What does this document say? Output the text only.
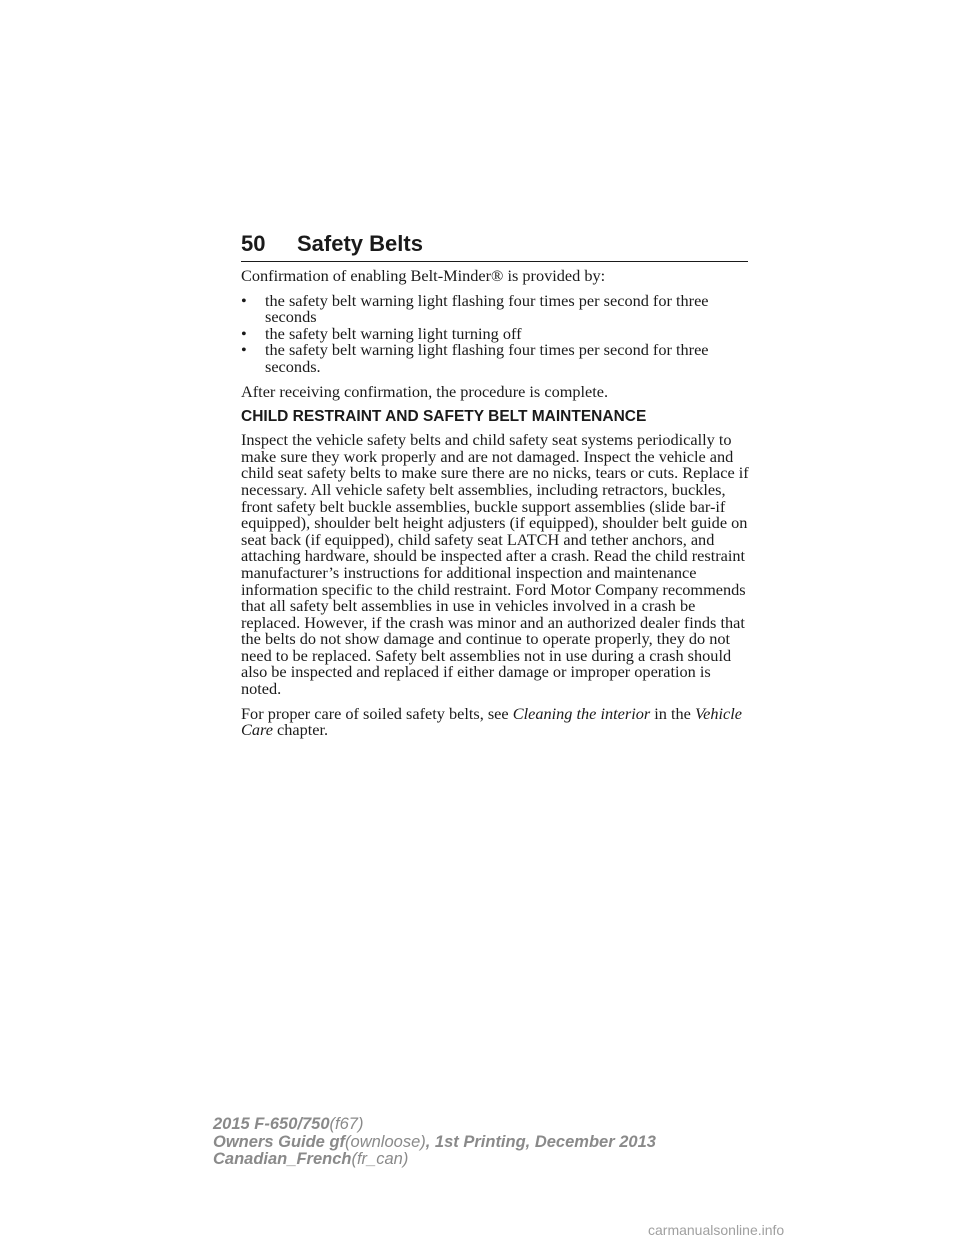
50 Safety Belts

Confirmation of enabling Belt-Minder® is provided by:

• the safety belt warning light flashing four times per second for three seconds
• the safety belt warning light turning off
• the safety belt warning light flashing four times per second for three seconds.

After receiving confirmation, the procedure is complete.

CHILD RESTRAINT AND SAFETY BELT MAINTENANCE

Inspect the vehicle safety belts and child safety seat systems periodically to make sure they work properly and are not damaged. Inspect the vehicle and child seat safety belts to make sure there are no nicks, tears or cuts. Replace if necessary. All vehicle safety belt assemblies, including retractors, buckles, front safety belt buckle assemblies, buckle support assemblies (slide bar-if equipped), shoulder belt height adjusters (if equipped), shoulder belt guide on seat back (if equipped), child safety seat LATCH and tether anchors, and attaching hardware, should be inspected after a crash. Read the child restraint manufacturer’s instructions for additional inspection and maintenance information specific to the child restraint. Ford Motor Company recommends that all safety belt assemblies in use in vehicles involved in a crash be replaced. However, if the crash was minor and an authorized dealer finds that the belts do not show damage and continue to operate properly, they do not need to be replaced. Safety belt assemblies not in use during a crash should also be inspected and replaced if either damage or improper operation is noted.

For proper care of soiled safety belts, see Cleaning the interior in the Vehicle Care chapter.

2015 F-650/750(f67)
Owners Guide gf(ownloose), 1st Printing, December 2013
Canadian_French(fr_can)
carmanualsonline.info
